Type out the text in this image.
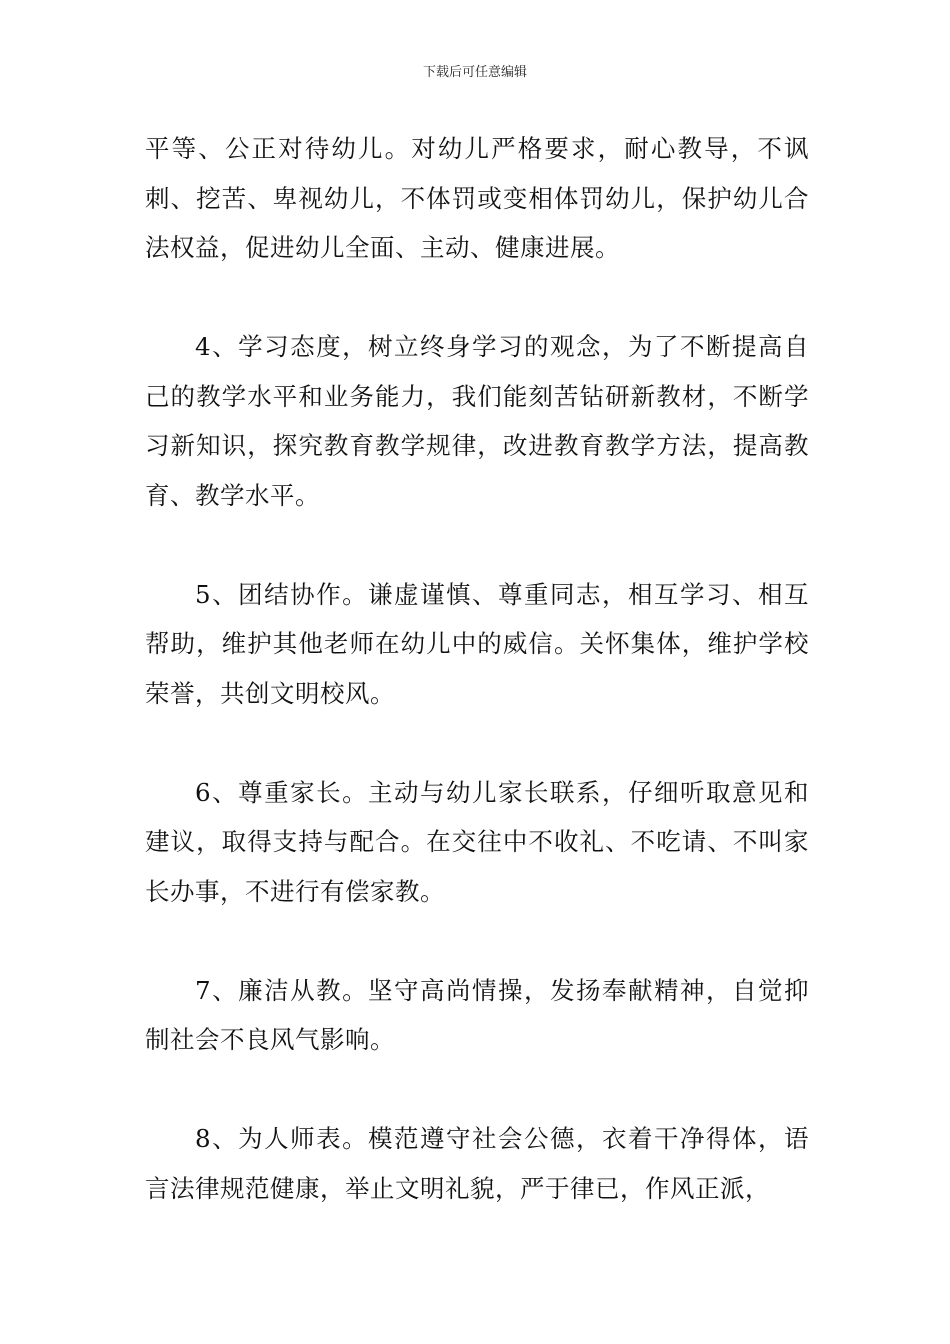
下载后可任意编辑

平等、公正对待幼儿。对幼儿严格要求，耐心教导，不讽刺、挖苦、卑视幼儿，不体罚或变相体罚幼儿，保护幼儿合法权益，促进幼儿全面、主动、健康进展。

4、学习态度，树立终身学习的观念，为了不断提高自己的教学水平和业务能力，我们能刻苦钻研新教材，不断学习新知识，探究教育教学规律，改进教育教学方法，提高教育、教学水平。

5、团结协作。谦虚谨慎、尊重同志，相互学习、相互帮助，维护其他老师在幼儿中的威信。关怀集体，维护学校荣誉，共创文明校风。

6、尊重家长。主动与幼儿家长联系，仔细听取意见和建议，取得支持与配合。在交往中不收礼、不吃请、不叫家长办事，不进行有偿家教。

7、廉洁从教。坚守高尚情操，发扬奉献精神，自觉抑制社会不良风气影响。

8、为人师表。模范遵守社会公德，衣着干净得体，语言法律规范健康，举止文明礼貌，严于律已，作风正派，
